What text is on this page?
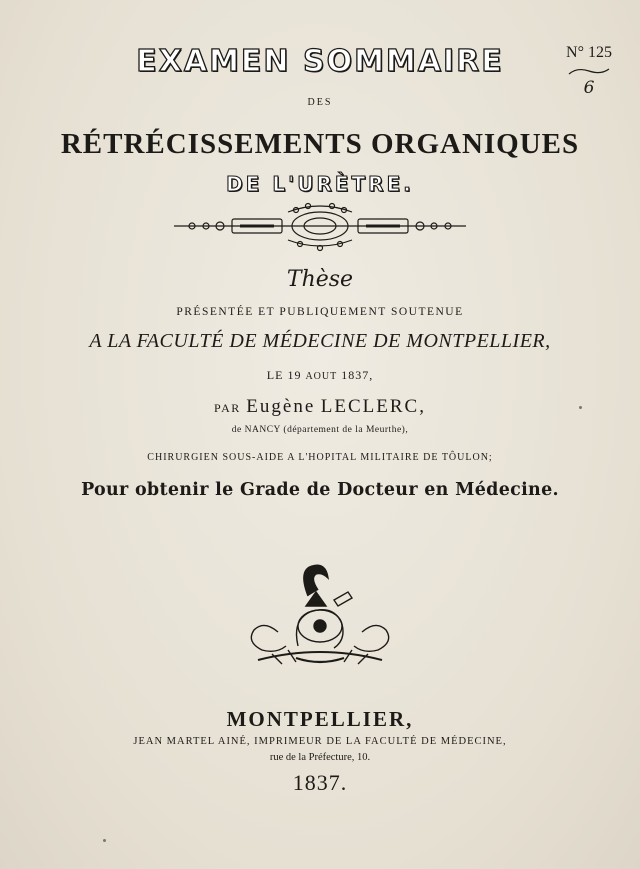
N° 125
6
EXAMEN SOMMAIRE
DES
RÉTRÉCISSEMENTS ORGANIQUES
DE L'URÈTRE.
Thèse
PRÉSENTÉE ET PUBLIQUEMENT SOUTENUE
A LA FACULTÉ DE MÉDECINE DE MONTPELLIER,
LE 19 AOUT 1837,
PAR Eugène LECLERC,
de NANCY (département de la Meurthe),
CHIRURGIEN SOUS-AIDE A L'HOPITAL MILITAIRE DE TÔULON;
Pour obtenir le Grade de Docteur en Médecine.
MONTPELLIER,
JEAN MARTEL AINÉ, IMPRIMEUR DE LA FACULTÉ DE MÉDECINE,
rue de la Préfecture, 10.
1837.
